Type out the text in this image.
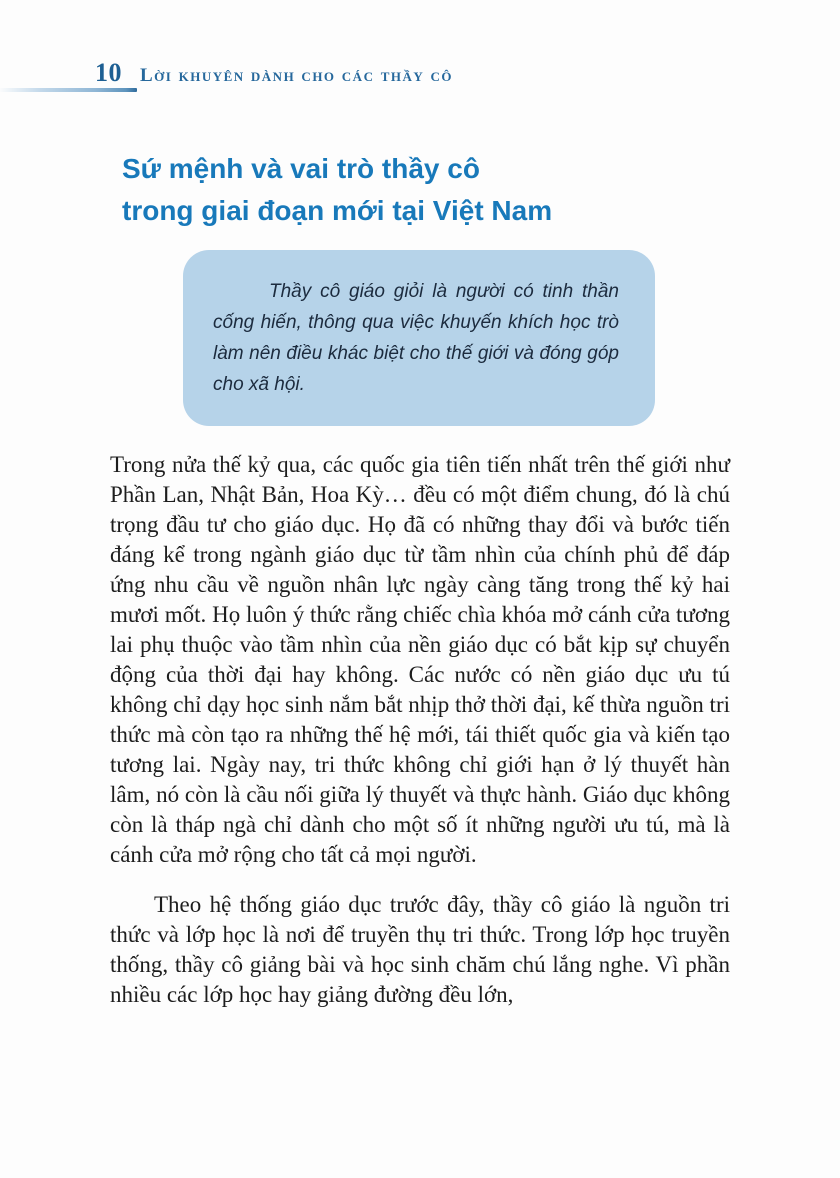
10 Lời khuyên dành cho các thầy cô
Sứ mệnh và vai trò thầy cô
trong giai đoạn mới tại Việt Nam

Thầy cô giáo giỏi là người có tinh thần cống hiến, thông qua việc khuyến khích học trò làm nên điều khác biệt cho thế giới và đóng góp cho xã hội.

Trong nửa thế kỷ qua, các quốc gia tiên tiến nhất trên thế giới như Phần Lan, Nhật Bản, Hoa Kỳ… đều có một điểm chung, đó là chú trọng đầu tư cho giáo dục. Họ đã có những thay đổi và bước tiến đáng kể trong ngành giáo dục từ tầm nhìn của chính phủ để đáp ứng nhu cầu về nguồn nhân lực ngày càng tăng trong thế kỷ hai mươi mốt. Họ luôn ý thức rằng chiếc chìa khóa mở cánh cửa tương lai phụ thuộc vào tầm nhìn của nền giáo dục có bắt kịp sự chuyển động của thời đại hay không. Các nước có nền giáo dục ưu tú không chỉ dạy học sinh nắm bắt nhịp thở thời đại, kế thừa nguồn tri thức mà còn tạo ra những thế hệ mới, tái thiết quốc gia và kiến tạo tương lai. Ngày nay, tri thức không chỉ giới hạn ở lý thuyết hàn lâm, nó còn là cầu nối giữa lý thuyết và thực hành. Giáo dục không còn là tháp ngà chỉ dành cho một số ít những người ưu tú, mà là cánh cửa mở rộng cho tất cả mọi người.

Theo hệ thống giáo dục trước đây, thầy cô giáo là nguồn tri thức và lớp học là nơi để truyền thụ tri thức. Trong lớp học truyền thống, thầy cô giảng bài và học sinh chăm chú lắng nghe. Vì phần nhiều các lớp học hay giảng đường đều lớn,
